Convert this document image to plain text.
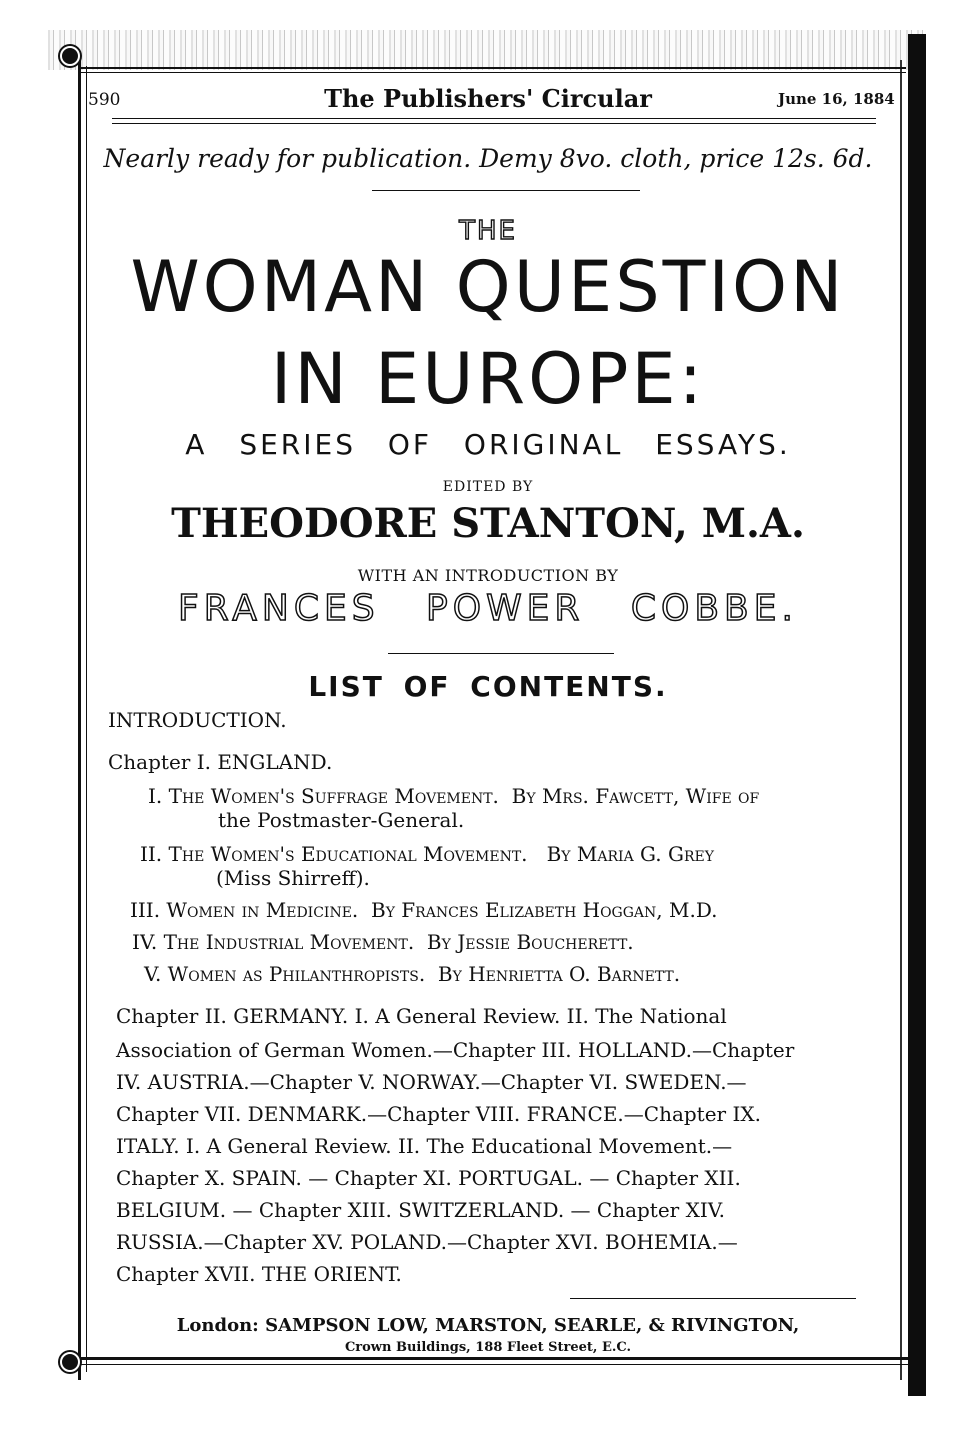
590	The Publishers' Circular	June 16, 1884
Nearly ready for publication. Demy 8vo. cloth, price 12s. 6d.
THE
WOMAN QUESTION
IN EUROPE:
A SERIES OF ORIGINAL ESSAYS.
EDITED BY
THEODORE STANTON, M.A.
WITH AN INTRODUCTION BY
FRANCES POWER COBBE.
LIST OF CONTENTS.
INTRODUCTION.
Chapter I. ENGLAND.
I. The Women's Suffrage Movement. By Mrs. Fawcett, Wife of
the Postmaster-General.
II. The Women's Educational Movement. By Maria G. Grey
(Miss Shirreff).
III. Women in Medicine. By Frances Elizabeth Hoggan, M.D.
IV. The Industrial Movement. By Jessie Boucherett.
V. Women as Philanthropists. By Henrietta O. Barnett.
Chapter II. GERMANY. I. A General Review. II. The National
Association of German Women.—Chapter III. HOLLAND.—Chapter
IV. AUSTRIA.—Chapter V. NORWAY.—Chapter VI. SWEDEN.—
Chapter VII. DENMARK.—Chapter VIII. FRANCE.—Chapter IX.
ITALY. I. A General Review. II. The Educational Movement.—
Chapter X. SPAIN. — Chapter XI. PORTUGAL. — Chapter XII.
BELGIUM. — Chapter XIII. SWITZERLAND. — Chapter XIV.
RUSSIA.—Chapter XV. POLAND.—Chapter XVI. BOHEMIA.—
Chapter XVII. THE ORIENT.
London: SAMPSON LOW, MARSTON, SEARLE, & RIVINGTON,
Crown Buildings, 188 Fleet Street, E.C.
